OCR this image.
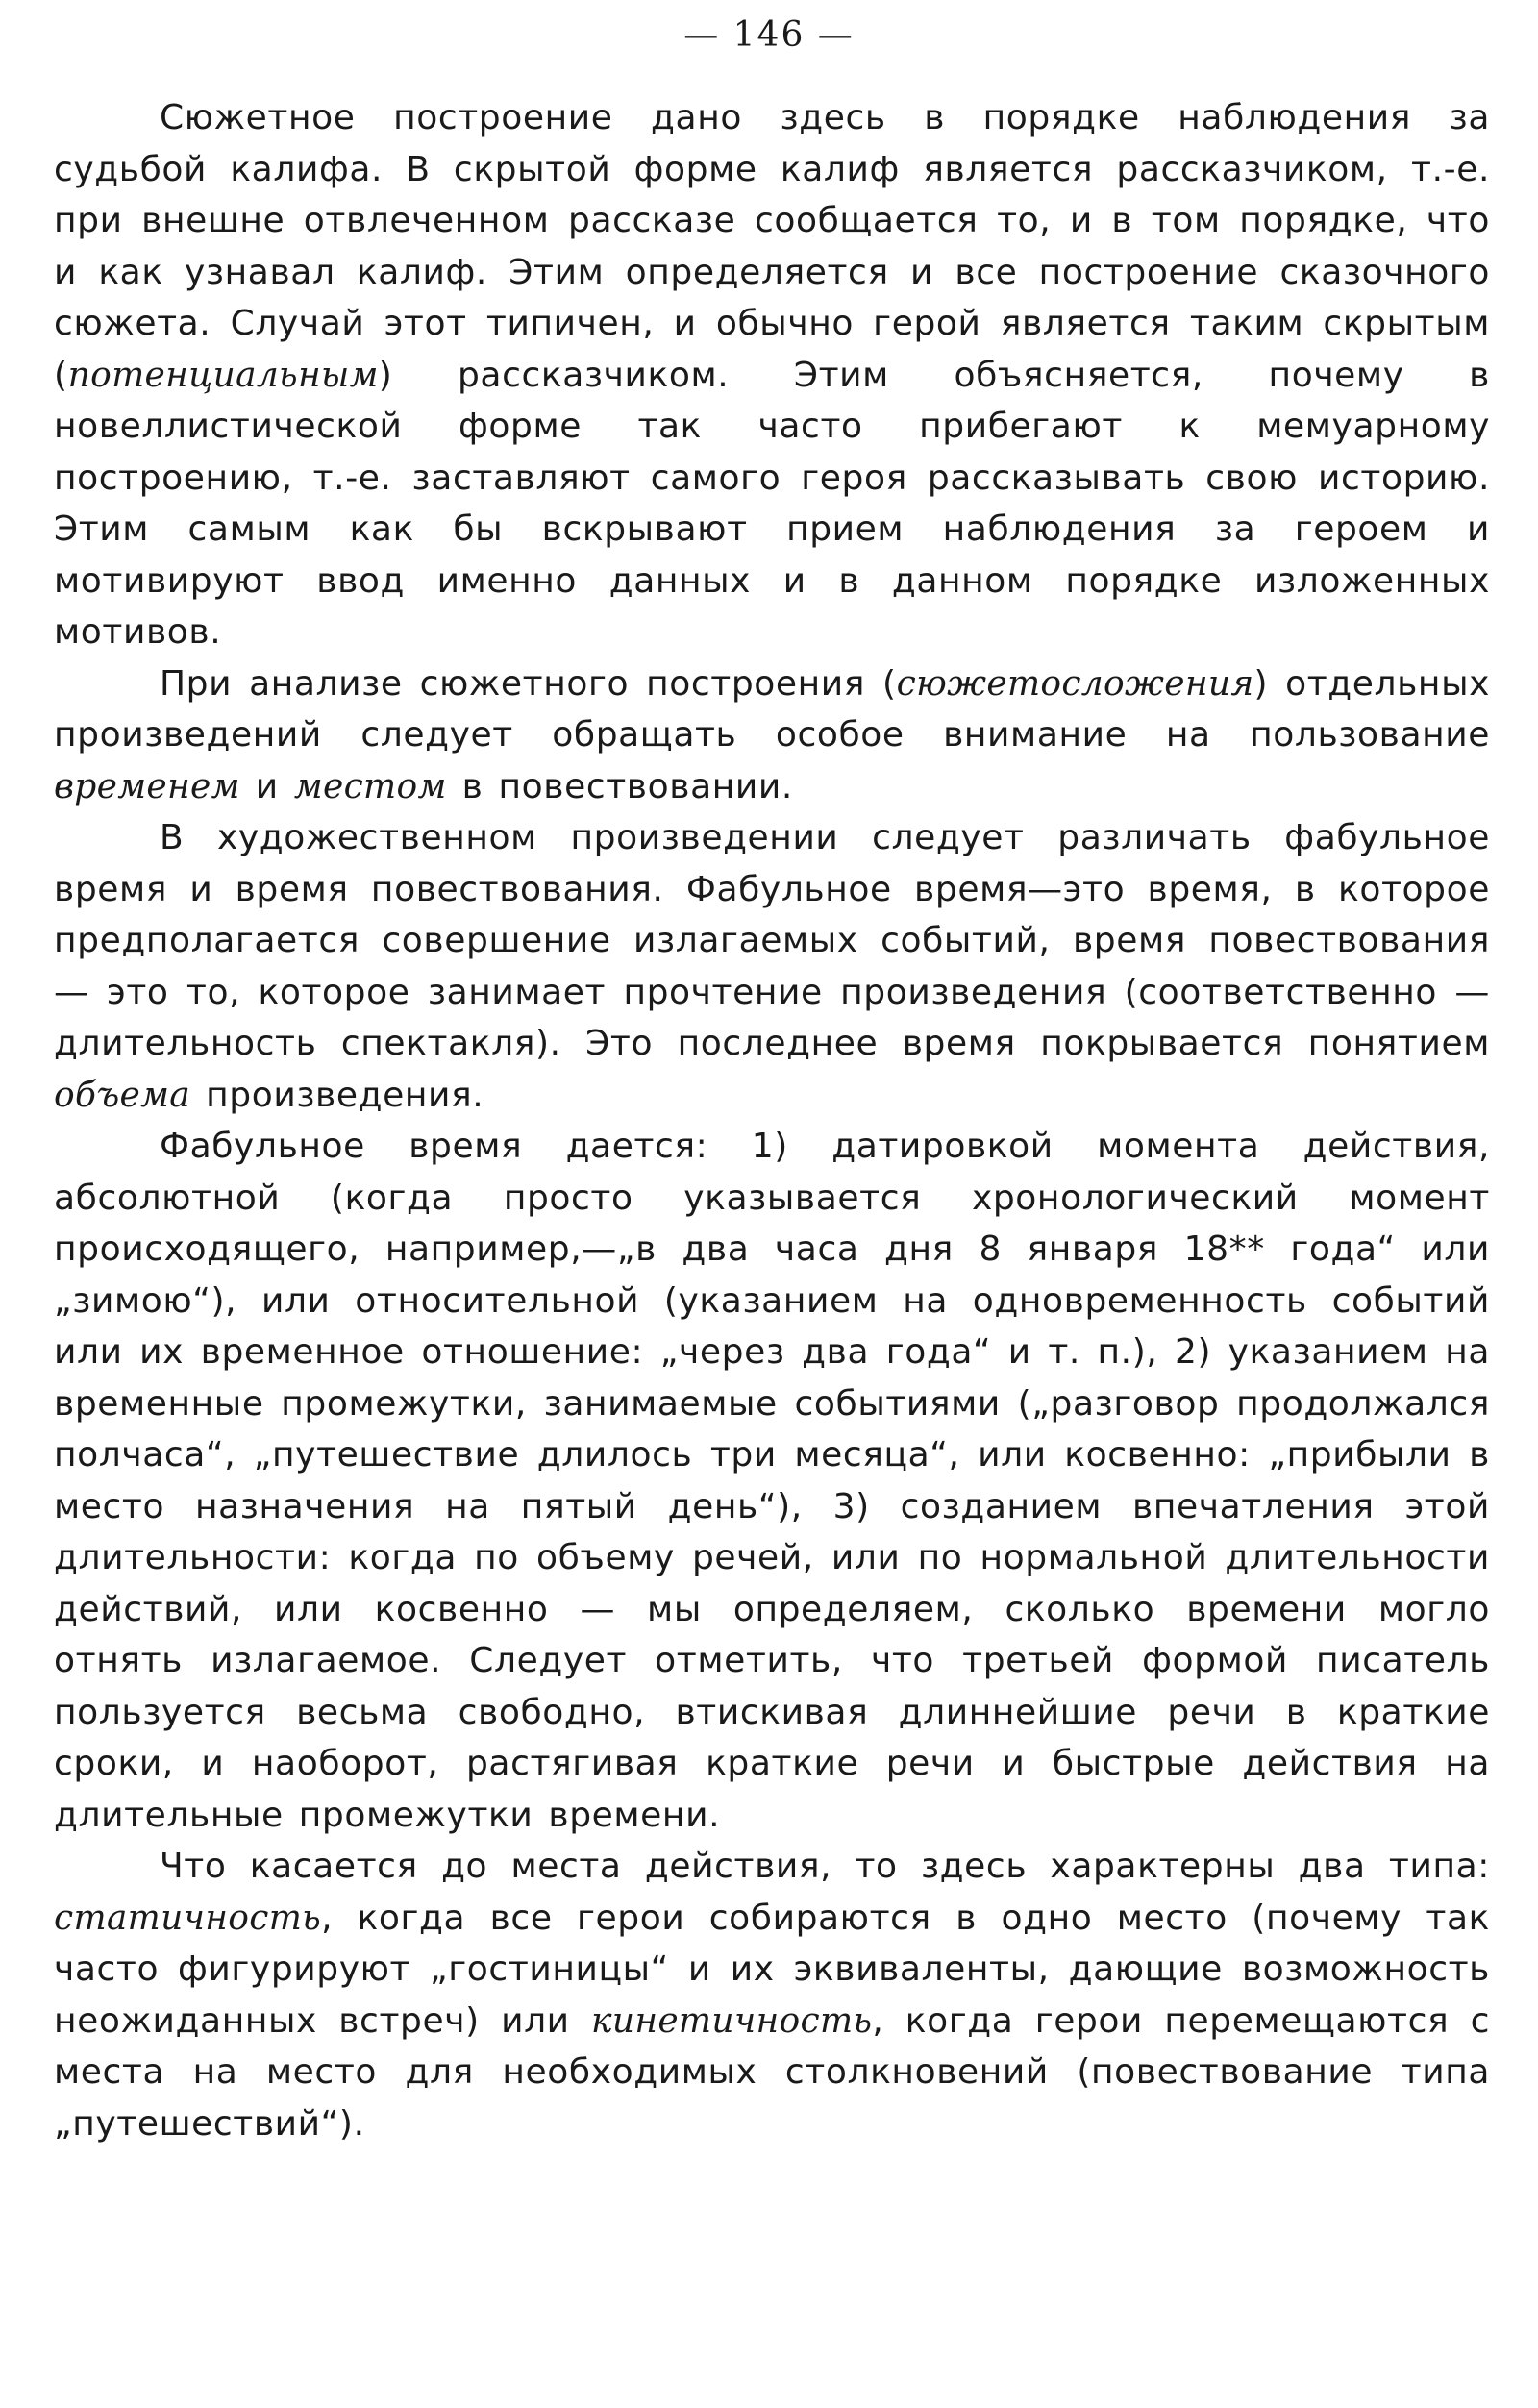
— 146 —

Сюжетное построение дано здесь в порядке наблюдения за судьбой калифа. В скрытой форме калиф является рассказчиком, т.-е. при внешне отвлеченном рассказе сообщается то, и в том порядке, что и как узнавал калиф. Этим определяется и все построение сказочного сюжета. Случай этот типичен, и обычно герой является таким скрытым (потенциальным) рассказчиком. Этим объясняется, почему в новеллистической форме так часто прибегают к мемуарному построению, т.-е. заставляют самого героя рассказывать свою историю. Этим самым как бы вскрывают прием наблюдения за героем и мотивируют ввод именно данных и в данном порядке изложенных мотивов.

При анализе сюжетного построения (сюжетосложения) отдельных произведений следует обращать особое внимание на пользование временем и местом в повествовании.

В художественном произведении следует различать фабульное время и время повествования. Фабульное время—это время, в которое предполагается совершение излагаемых событий, время повествования — это то, которое занимает прочтение произведения (соответственно — длительность спектакля). Это последнее время покрывается понятием объема произведения.

Фабульное время дается: 1) датировкой момента действия, абсолютной (когда просто указывается хронологический момент происходящего, например,—„в два часа дня 8 января 18** года“ или „зимою“), или относительной (указанием на одновременность событий или их временное отношение: „через два года“ и т. п.), 2) указанием на временные промежутки, занимаемые событиями („разговор продолжался полчаса“, „путешествие длилось три месяца“, или косвенно: „прибыли в место назначения на пятый день“), 3) созданием впечатления этой длительности: когда по объему речей, или по нормальной длительности действий, или косвенно — мы определяем, сколько времени могло отнять излагаемое. Следует отметить, что третьей формой писатель пользуется весьма свободно, втискивая длиннейшие речи в краткие сроки, и наоборот, растягивая краткие речи и быстрые действия на длительные промежутки времени.

Что касается до места действия, то здесь характерны два типа: статичность, когда все герои собираются в одно место (почему так часто фигурируют „гостиницы“ и их эквиваленты, дающие возможность неожиданных встреч) или кинетичность, когда герои перемещаются с места на место для необходимых столкновений (повествование типа „путешествий“).
